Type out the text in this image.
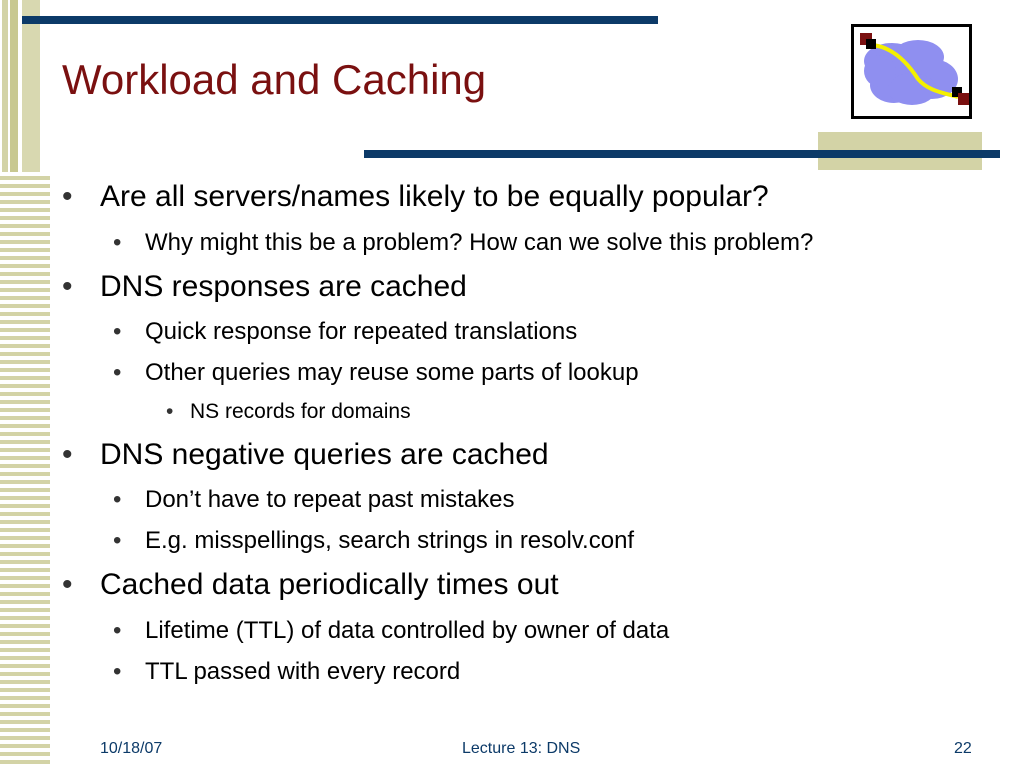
Workload and Caching
• Are all servers/names likely to be equally popular?
• Why might this be a problem? How can we solve this problem?
• DNS responses are cached
• Quick response for repeated translations
• Other queries may reuse some parts of lookup
• NS records for domains
• DNS negative queries are cached
• Don’t have to repeat past mistakes
• E.g. misspellings, search strings in resolv.conf
• Cached data periodically times out
• Lifetime (TTL) of data controlled by owner of data
• TTL passed with every record
10/18/07	Lecture 13: DNS	22
